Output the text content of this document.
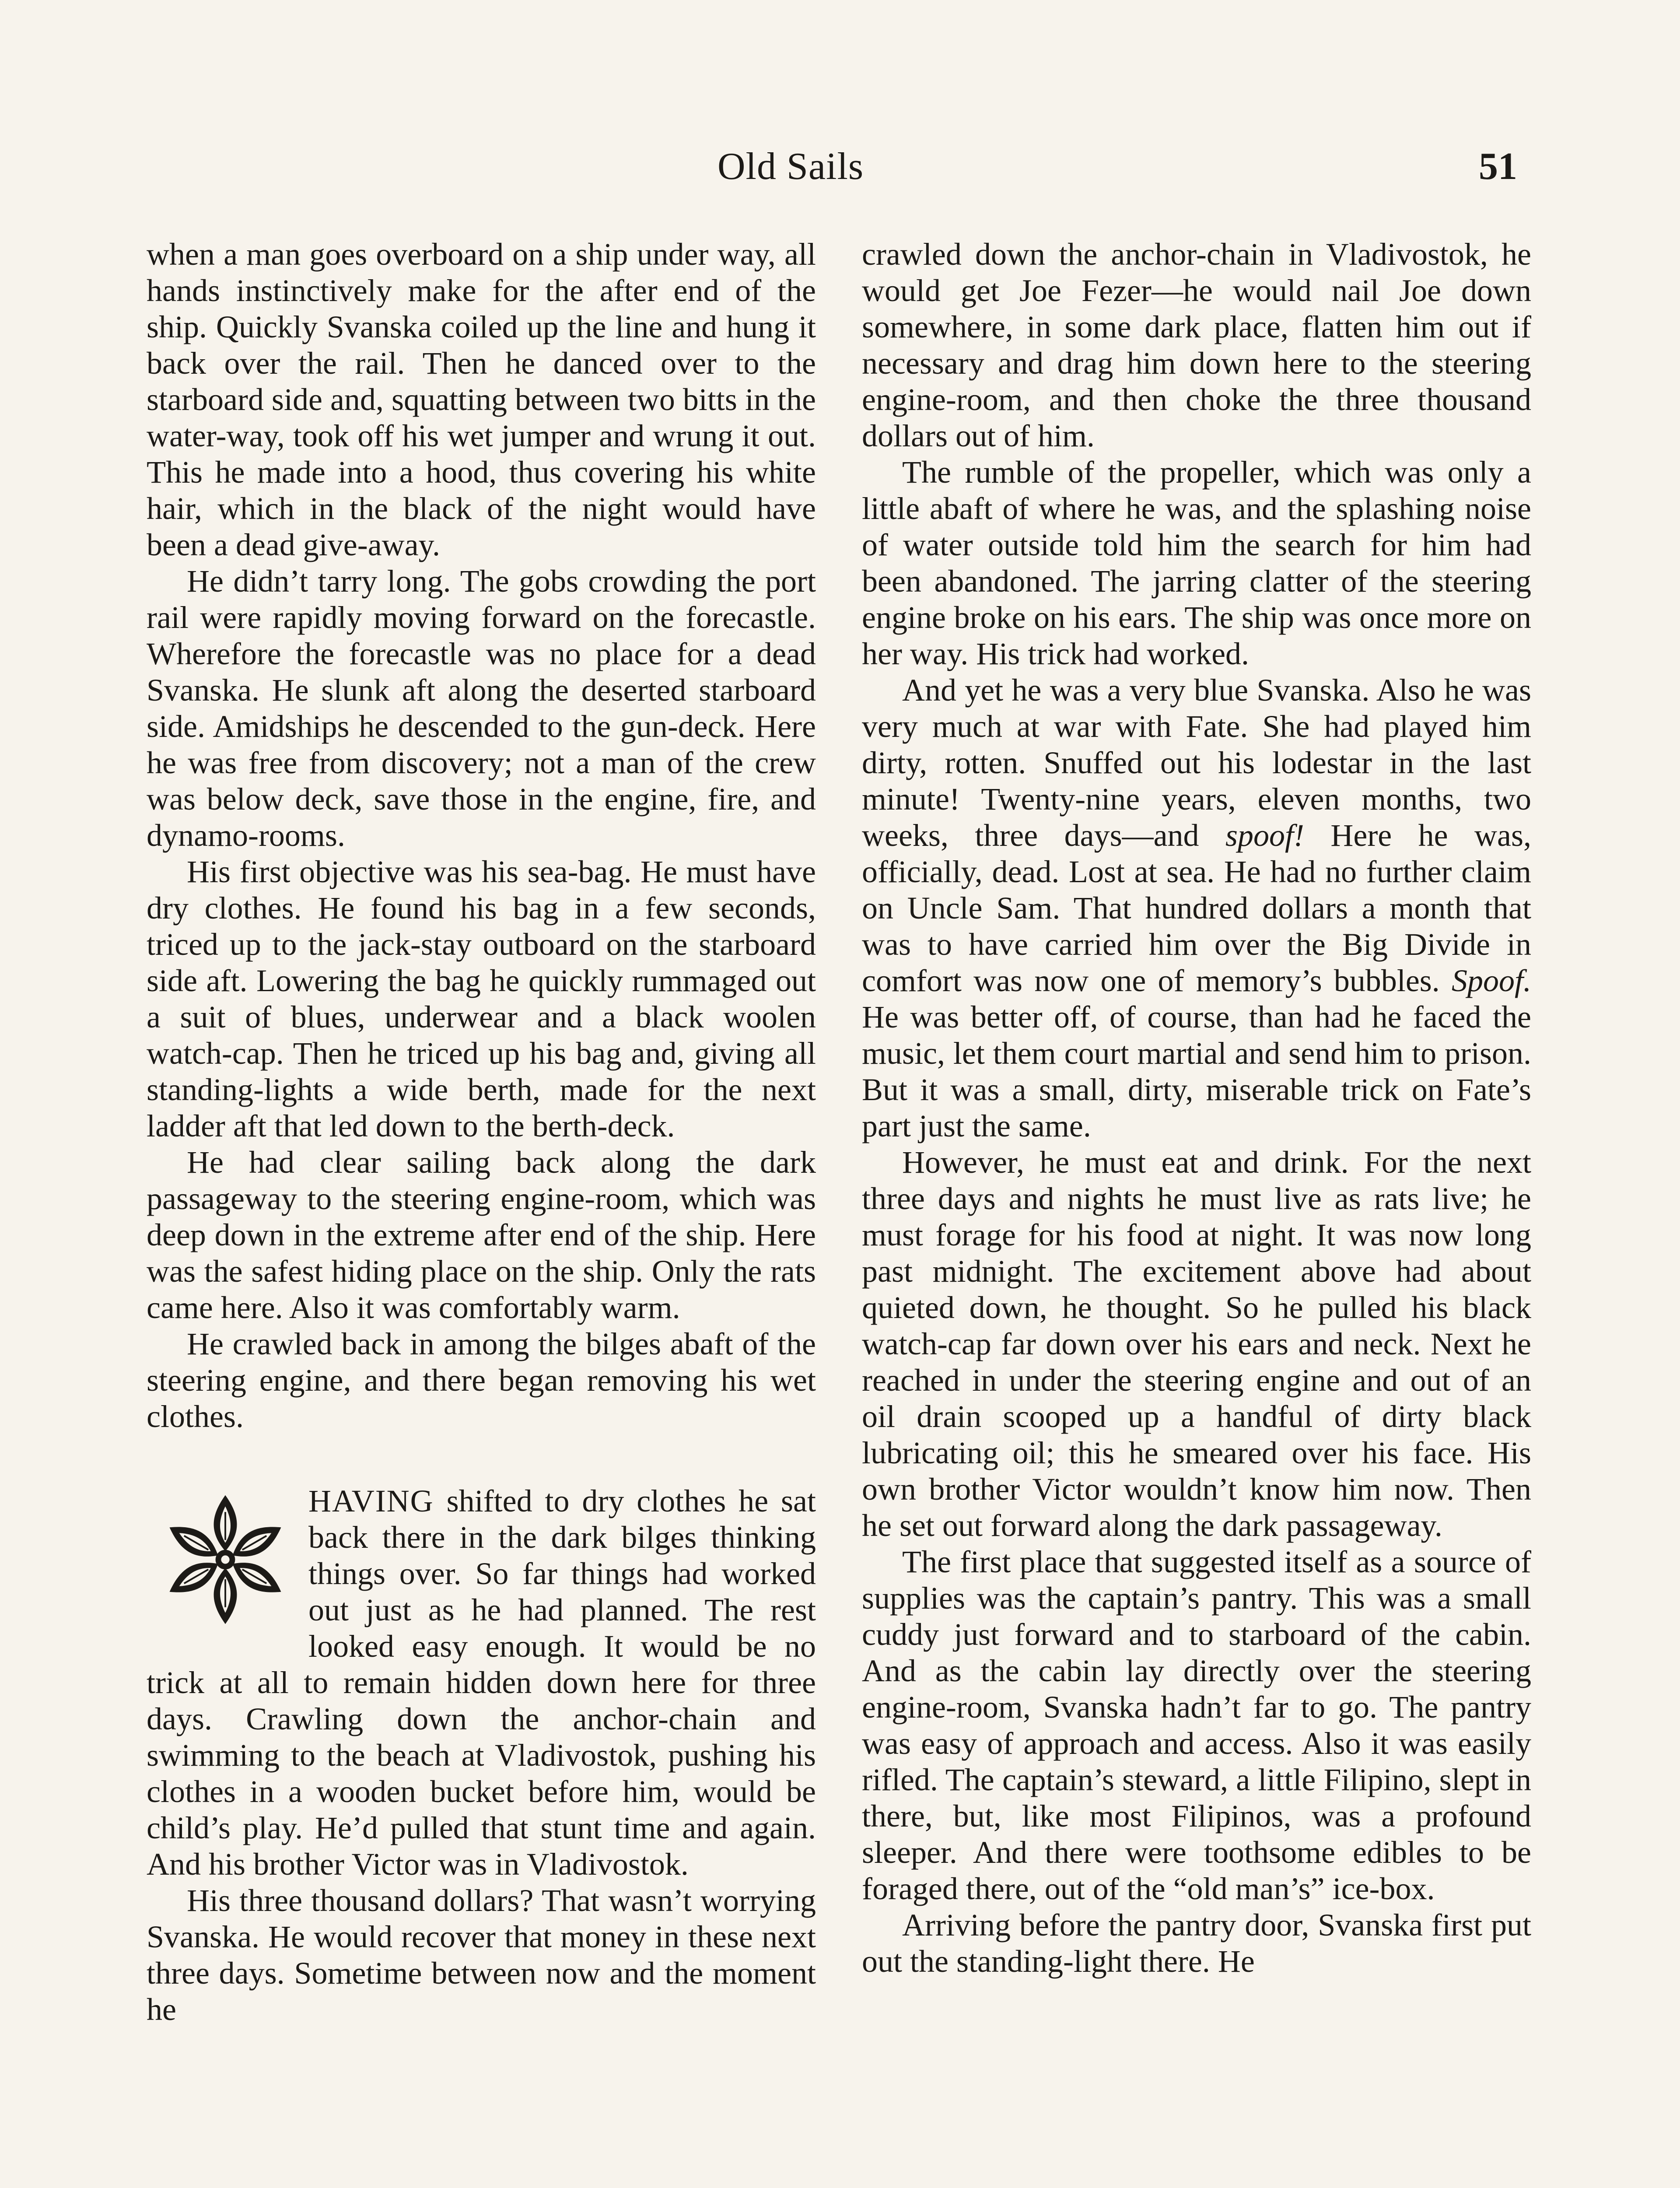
Old Sails	51

when a man goes overboard on a ship under way, all hands instinctively make for the after end of the ship. Quickly Svanska coiled up the line and hung it back over the rail. Then he danced over to the starboard side and, squatting between two bitts in the water-way, took off his wet jumper and wrung it out. This he made into a hood, thus covering his white hair, which in the black of the night would have been a dead give-away.

He didn’t tarry long. The gobs crowding the port rail were rapidly moving forward on the forecastle. Wherefore the forecastle was no place for a dead Svanska. He slunk aft along the deserted starboard side. Amidships he descended to the gun-deck. Here he was free from discovery; not a man of the crew was below deck, save those in the engine, fire, and dynamo-rooms.

His first objective was his sea-bag. He must have dry clothes. He found his bag in a few seconds, triced up to the jack-stay outboard on the starboard side aft. Lowering the bag he quickly rummaged out a suit of blues, underwear and a black woolen watch-cap. Then he triced up his bag and, giving all standing-lights a wide berth, made for the next ladder aft that led down to the berth-deck.

He had clear sailing back along the dark passageway to the steering engine-room, which was deep down in the extreme after end of the ship. Here was the safest hiding place on the ship. Only the rats came here. Also it was comfortably warm.

He crawled back in among the bilges abaft of the steering engine, and there began removing his wet clothes.

HAVING shifted to dry clothes he sat back there in the dark bilges thinking things over. So far things had worked out just as he had planned. The rest looked easy enough. It would be no trick at all to remain hidden down here for three days. Crawling down the anchor-chain and swimming to the beach at Vladivostok, pushing his clothes in a wooden bucket before him, would be child’s play. He’d pulled that stunt time and again. And his brother Victor was in Vladivostok.

His three thousand dollars? That wasn’t worrying Svanska. He would recover that money in these next three days. Sometime between now and the moment he

crawled down the anchor-chain in Vladivostok, he would get Joe Fezer—he would nail Joe down somewhere, in some dark place, flatten him out if necessary and drag him down here to the steering engine-room, and then choke the three thousand dollars out of him.

The rumble of the propeller, which was only a little abaft of where he was, and the splashing noise of water outside told him the search for him had been abandoned. The jarring clatter of the steering engine broke on his ears. The ship was once more on her way. His trick had worked.

And yet he was a very blue Svanska. Also he was very much at war with Fate. She had played him dirty, rotten. Snuffed out his lodestar in the last minute! Twenty-nine years, eleven months, two weeks, three days—and spoof! Here he was, officially, dead. Lost at sea. He had no further claim on Uncle Sam. That hundred dollars a month that was to have carried him over the Big Divide in comfort was now one of memory’s bubbles. Spoof. He was better off, of course, than had he faced the music, let them court martial and send him to prison. But it was a small, dirty, miserable trick on Fate’s part just the same.

However, he must eat and drink. For the next three days and nights he must live as rats live; he must forage for his food at night. It was now long past midnight. The excitement above had about quieted down, he thought. So he pulled his black watch-cap far down over his ears and neck. Next he reached in under the steering engine and out of an oil drain scooped up a handful of dirty black lubricating oil; this he smeared over his face. His own brother Victor wouldn’t know him now. Then he set out forward along the dark passageway.

The first place that suggested itself as a source of supplies was the captain’s pantry. This was a small cuddy just forward and to starboard of the cabin. And as the cabin lay directly over the steering engine-room, Svanska hadn’t far to go. The pantry was easy of approach and access. Also it was easily rifled. The captain’s steward, a little Filipino, slept in there, but, like most Filipinos, was a profound sleeper. And there were toothsome edibles to be foraged there, out of the “old man’s” ice-box.

Arriving before the pantry door, Svanska first put out the standing-light there. He
